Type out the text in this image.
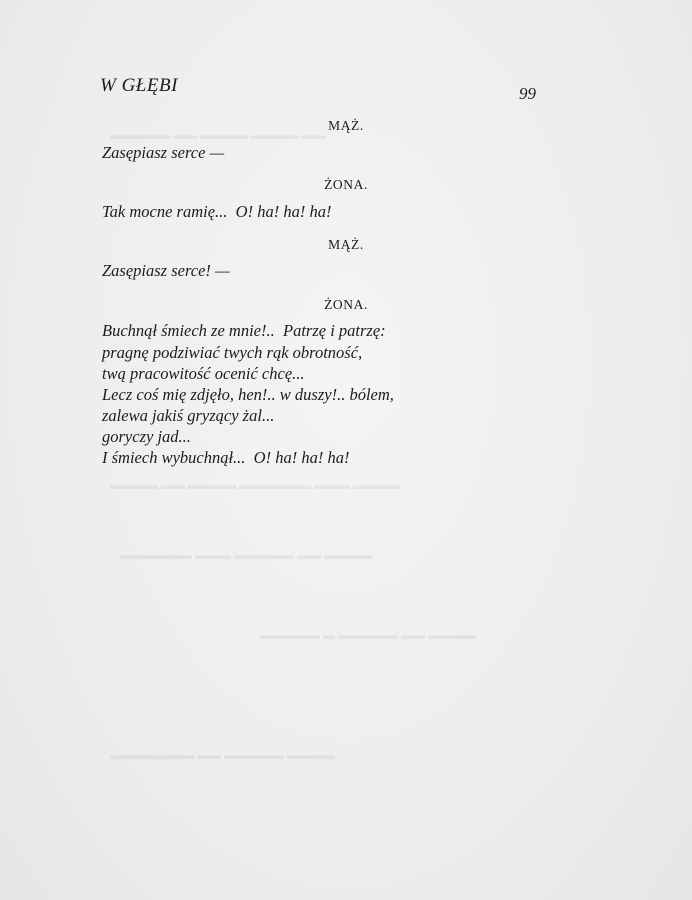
▬▬ ▬▬▬▬ ▬▬▬▬ ▬▬ ▬▬▬▬▬
▬▬▬▬ ▬▬▬ ▬▬▬▬▬▬ ▬▬▬▬ ▬▬ ▬▬▬▬
▬▬▬▬ ▬▬ ▬▬▬▬▬ ▬▬▬ ▬▬▬▬▬▬
▬▬▬▬ ▬▬ ▬▬▬▬▬ ▬ ▬▬▬▬▬
▬▬▬▬ ▬▬▬▬▬ ▬▬ ▬▬▬▬▬▬▬
W GŁĘBI	99
MĄŻ.
Zasępiasz serce —
ŻONA.
Tak mocne ramię...  O! ha! ha! ha!
MĄŻ.
Zasępiasz serce! —
ŻONA.
Buchnął śmiech ze mnie!..  Patrzę i patrzę:
pragnę podziwiać twych rąk obrotność,
twą pracowitość ocenić chcę...
Lecz coś mię zdjęło, hen!.. w duszy!.. bólem,
zalewa jakiś gryzący żal...
goryczy jad...
I śmiech wybuchnął...  O! ha! ha! ha!
